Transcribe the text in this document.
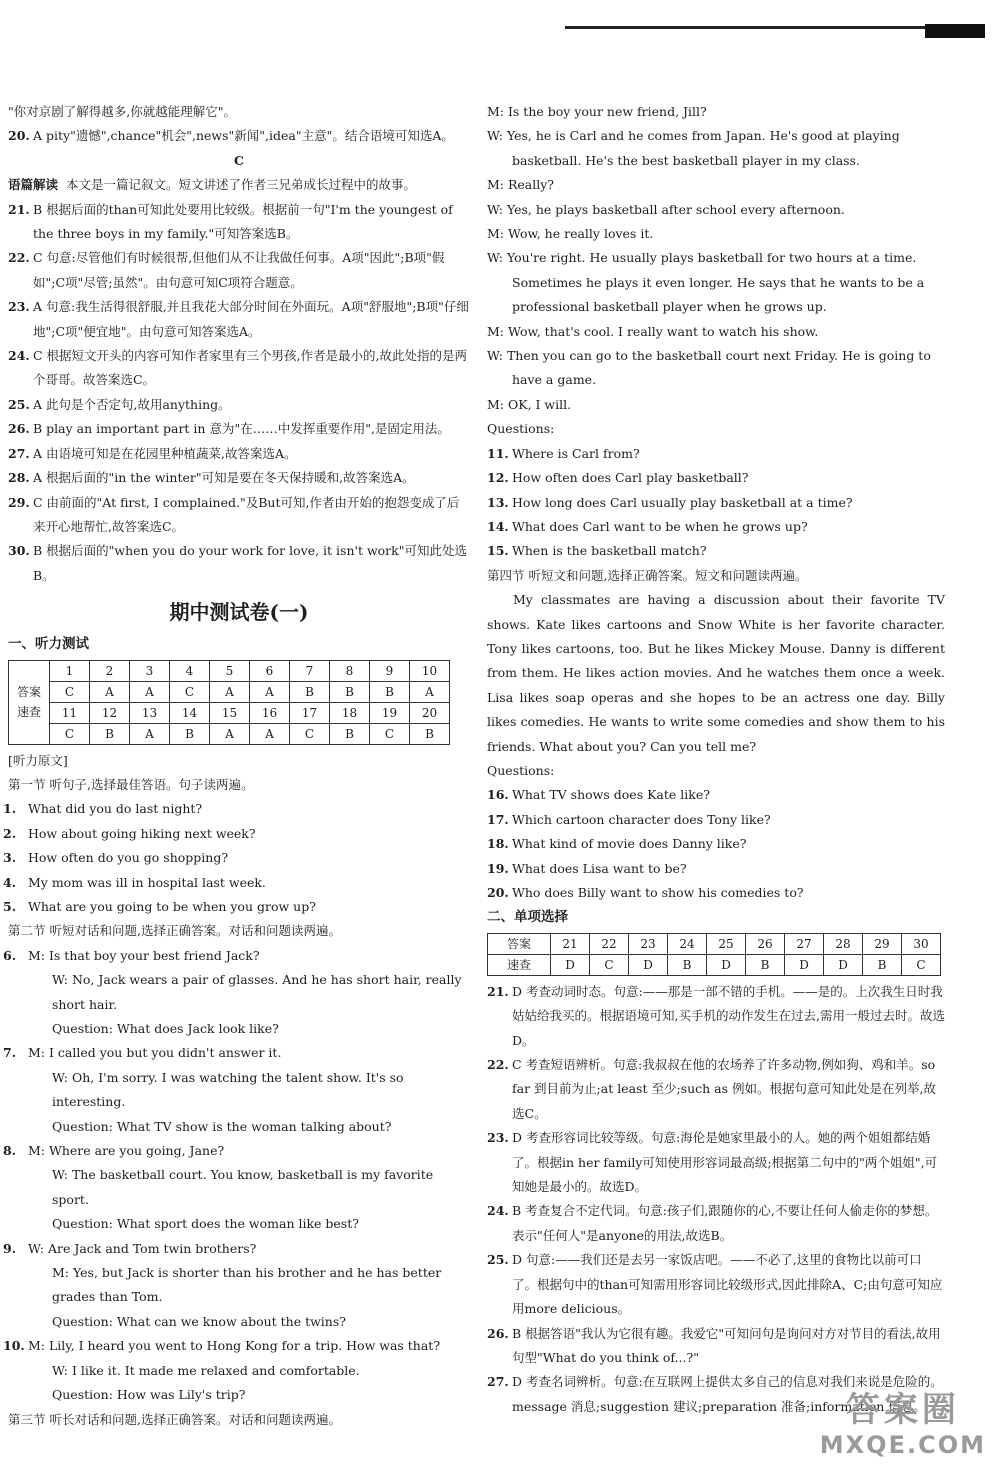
"你对京剧了解得越多,你就越能理解它"。

20. A pity"遗憾",chance"机会",news"新闻",idea"主意"。结合语境可知选A。

C

语篇解读 本文是一篇记叙文。短文讲述了作者三兄弟成长过程中的故事。

21. B 根据后面的than可知此处要用比较级。根据前一句"I'm the youngest of the three boys in my family."可知答案选B。

22. C 句意:尽管他们有时候很帮,但他们从不让我做任何事。A项"因此";B项"假如";C项"尽管;虽然"。由句意可知C项符合题意。

23. A 句意:我生活得很舒服,并且我花大部分时间在外面玩。A项"舒服地";B项"仔细地";C项"便宜地"。由句意可知答案选A。

24. C 根据短文开头的内容可知作者家里有三个男孩,作者是最小的,故此处指的是两个哥哥。故答案选C。

25. A 此句是个否定句,故用anything。

26. B play an important part in 意为"在……中发挥重要作用",是固定用法。

27. A 由语境可知是在花园里种植蔬菜,故答案选A。

28. A 根据后面的"in the winter"可知是要在冬天保持暖和,故答案选A。

29. C 由前面的"At first, I complained."及But可知,作者由开始的抱怨变成了后来开心地帮忙,故答案选C。

30. B 根据后面的"when you do your work for love, it isn't work"可知此处选B。

期中测试卷(一)

一、听力测试

答案
速查	1	2	3	4	5	6	7	8	9	10
	C	A	A	C	A	A	B	B	B	A
	11	12	13	14	15	16	17	18	19	20
	C	B	A	B	A	A	C	B	C	B

[听力原文]

第一节 听句子,选择最佳答语。句子读两遍。

1. What did you do last night?

2. How about going hiking next week?

3. How often do you go shopping?

4. My mom was ill in hospital last week.

5. What are you going to be when you grow up?

第二节 听短对话和问题,选择正确答案。对话和问题读两遍。

6. M: Is that boy your best friend Jack?

W: No, Jack wears a pair of glasses. And he has short hair, really short hair.

Question: What does Jack look like?

7. M: I called you but you didn't answer it.

W: Oh, I'm sorry. I was watching the talent show. It's so interesting.

Question: What TV show is the woman talking about?

8. M: Where are you going, Jane?

W: The basketball court. You know, basketball is my favorite sport.

Question: What sport does the woman like best?

9. W: Are Jack and Tom twin brothers?

M: Yes, but Jack is shorter than his brother and he has better grades than Tom.

Question: What can we know about the twins?

10. M: Lily, I heard you went to Hong Kong for a trip. How was that?

W: I like it. It made me relaxed and comfortable.

Question: How was Lily's trip?

第三节 听长对话和问题,选择正确答案。对话和问题读两遍。

M: Is the boy your new friend, Jill?

W: Yes, he is Carl and he comes from Japan. He's good at playing basketball. He's the best basketball player in my class.

M: Really?

W: Yes, he plays basketball after school every afternoon.

M: Wow, he really loves it.

W: You're right. He usually plays basketball for two hours at a time. Sometimes he plays it even longer. He says that he wants to be a professional basketball player when he grows up.

M: Wow, that's cool. I really want to watch his show.

W: Then you can go to the basketball court next Friday. He is going to have a game.

M: OK, I will.

Questions:

11. Where is Carl from?

12. How often does Carl play basketball?

13. How long does Carl usually play basketball at a time?

14. What does Carl want to be when he grows up?

15. When is the basketball match?

第四节 听短文和问题,选择正确答案。短文和问题读两遍。

My classmates are having a discussion about their favorite TV shows. Kate likes cartoons and Snow White is her favorite character. Tony likes cartoons, too. But he likes Mickey Mouse. Danny is different from them. He likes action movies. And he watches them once a week. Lisa likes soap operas and she hopes to be an actress one day. Billy likes comedies. He wants to write some comedies and show them to his friends. What about you? Can you tell me?

Questions:

16. What TV shows does Kate like?

17. Which cartoon character does Tony like?

18. What kind of movie does Danny like?

19. What does Lisa want to be?

20. Who does Billy want to show his comedies to?

二、单项选择

答案	21	22	23	24	25	26	27	28	29	30
速查	D	C	D	B	D	B	D	D	B	C

21. D 考查动词时态。句意:——那是一部不错的手机。——是的。上次我生日时我姑姑给我买的。根据语境可知,买手机的动作发生在过去,需用一般过去时。故选D。

22. C 考查短语辨析。句意:我叔叔在他的农场养了许多动物,例如狗、鸡和羊。so far 到目前为止;at least 至少;such as 例如。根据句意可知此处是在列举,故选C。

23. D 考查形容词比较等级。句意:海伦是她家里最小的人。她的两个姐姐都结婚了。根据in her family可知使用形容词最高级;根据第二句中的"两个姐姐",可知她是最小的。故选D。

24. B 考查复合不定代词。句意:孩子们,跟随你的心,不要让任何人偷走你的梦想。表示"任何人"是anyone的用法,故选B。

25. D 句意:——我们还是去另一家饭店吧。——不必了,这里的食物比以前可口了。根据句中的than可知需用形容词比较级形式,因此排除A、C;由句意可知应用more delicious。

26. B 根据答语"我认为它很有趣。我爱它"可知问句是询问对方对节目的看法,故用句型"What do you think of...?"

27. D 考查名词辨析。句意:在互联网上提供太多自己的信息对我们来说是危险的。message 消息;suggestion 建议;preparation 准备;information 信息。

答案圈
MXQE.COM
